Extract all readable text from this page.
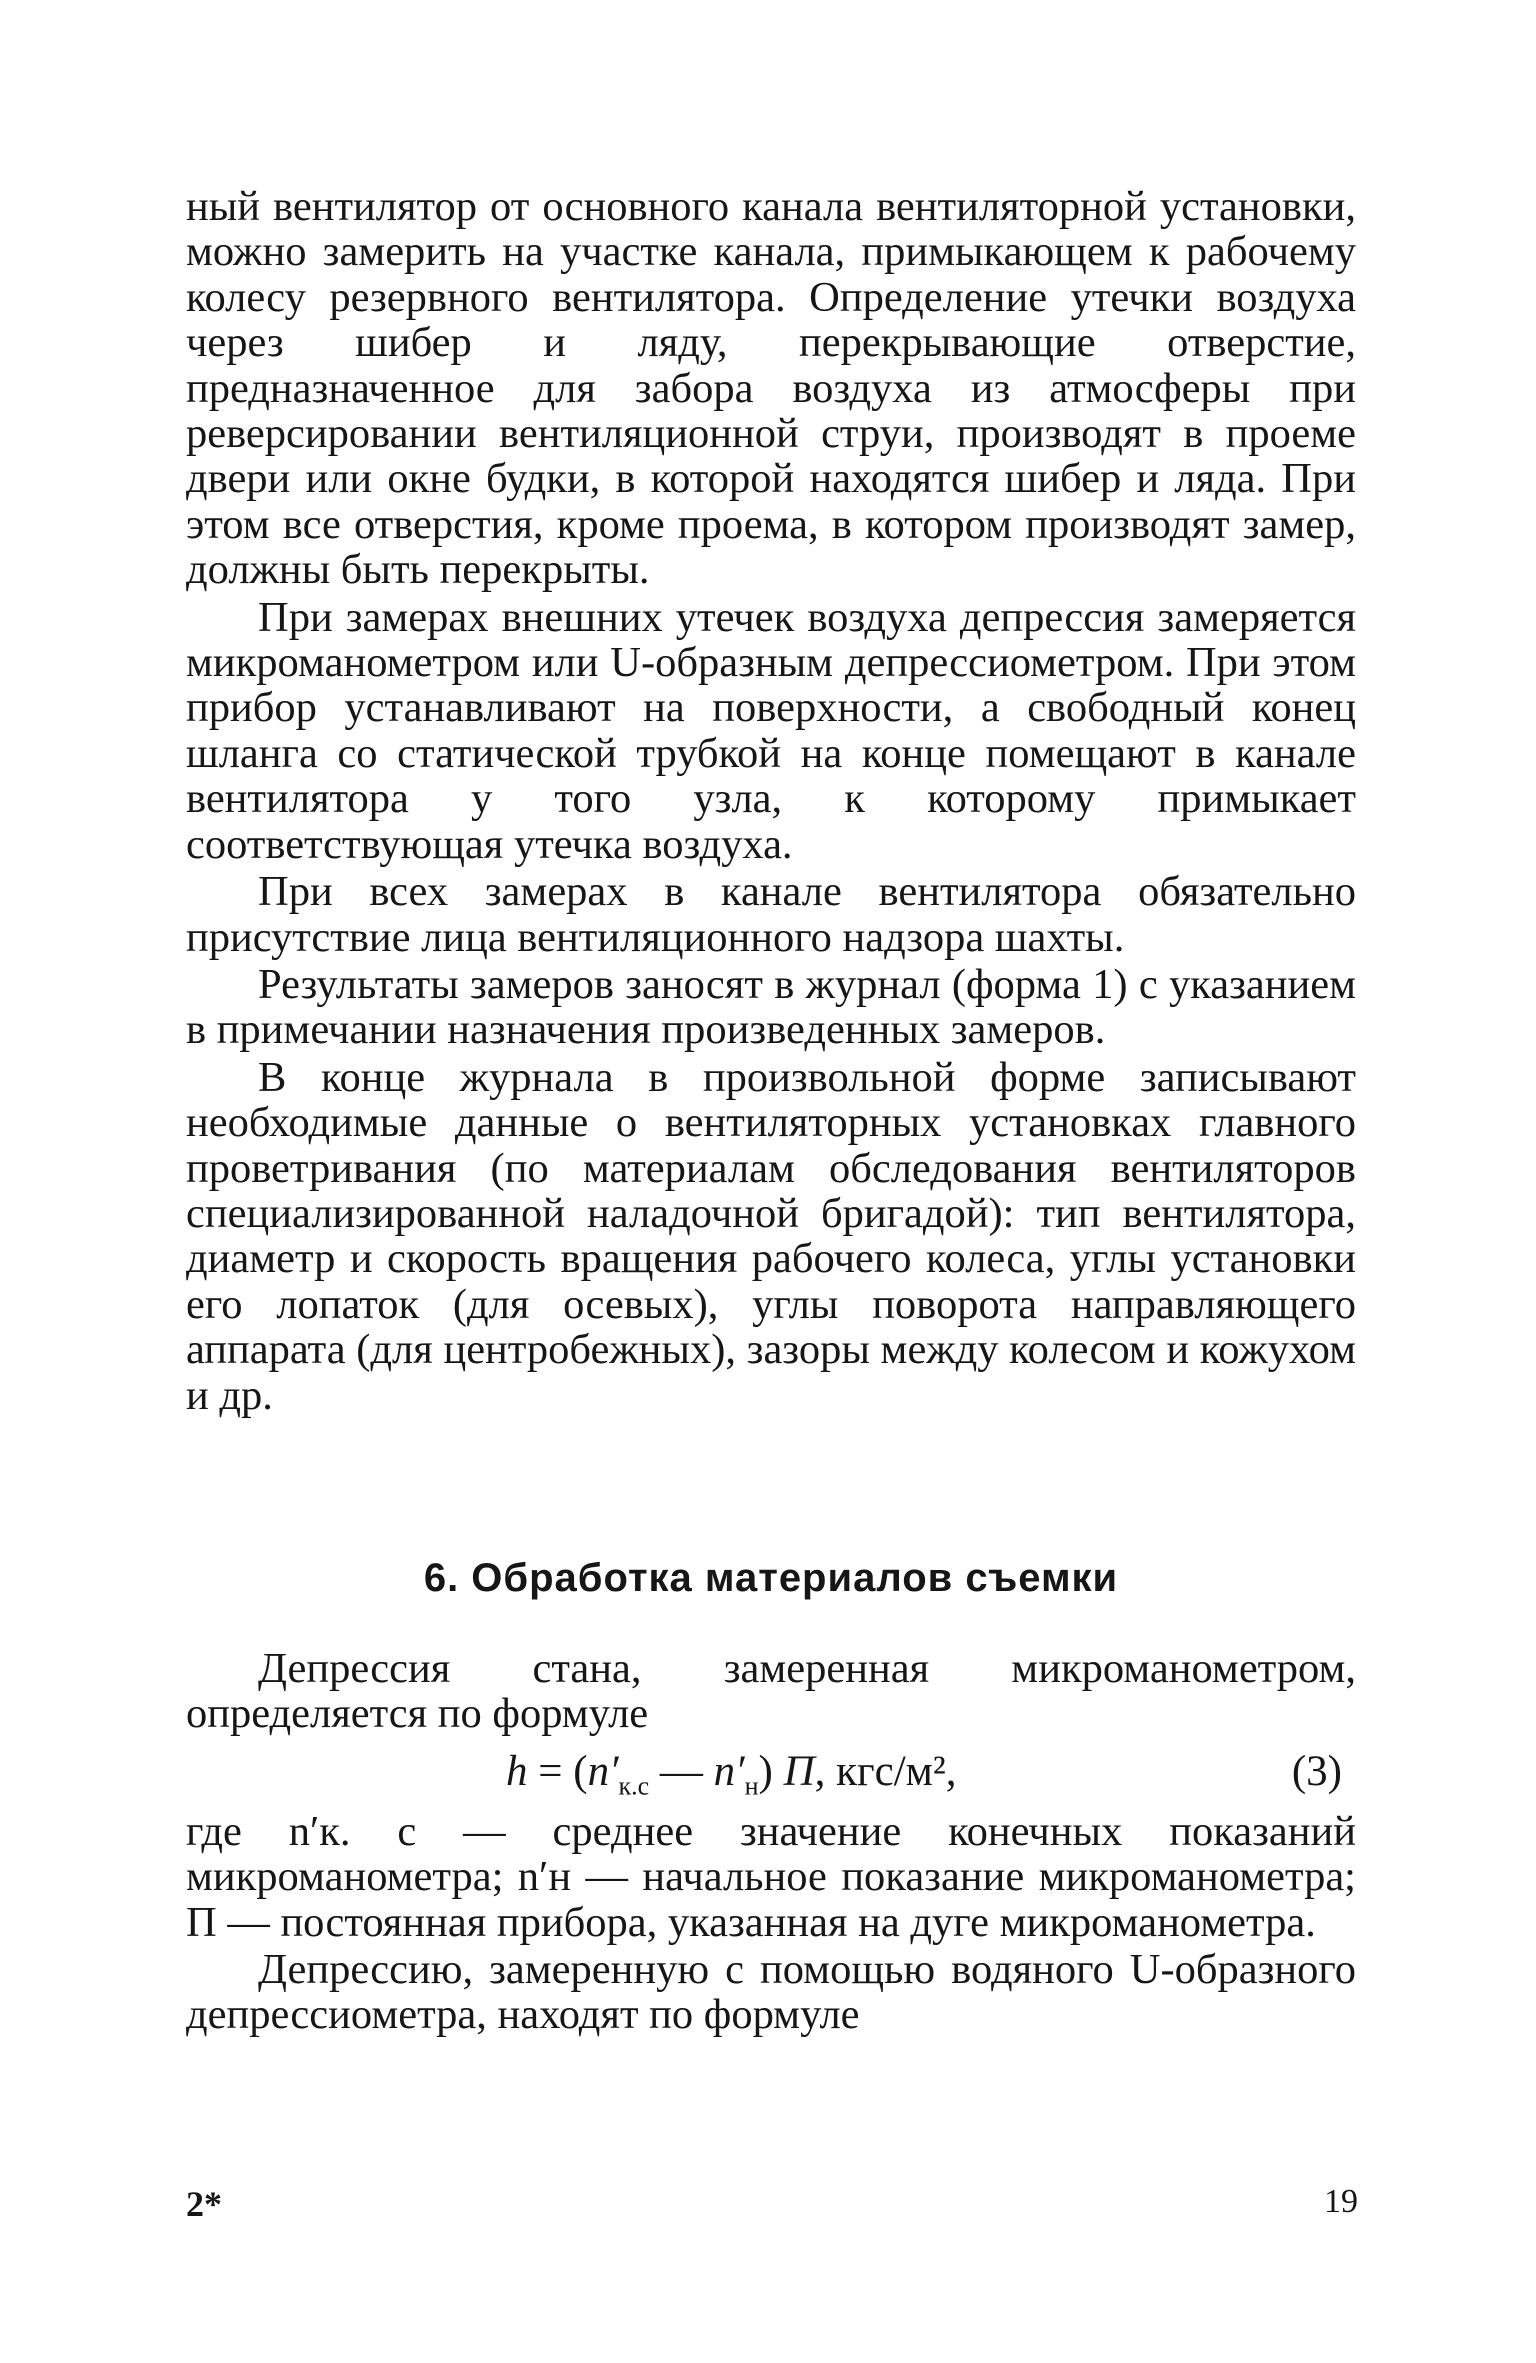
ный вентилятор от основного канала вентиляторной установки, можно замерить на участке канала, примыкающем к рабочему колесу резервного вентилятора. Определение утечки воздуха через шибер и ляду, перекрывающие отверстие, предназначенное для забора воздуха из атмосферы при реверсировании вентиляционной струи, производят в проеме двери или окне будки, в которой находятся шибер и ляда. При этом все отверстия, кроме проема, в котором производят замер, должны быть перекрыты.

При замерах внешних утечек воздуха депрессия замеряется микроманометром или U-образным депрессиометром. При этом прибор устанавливают на поверхности, а свободный конец шланга со статической трубкой на конце помещают в канале вентилятора у того узла, к которому примыкает соответствующая утечка воздуха.

При всех замерах в канале вентилятора обязательно присутствие лица вентиляционного надзора шахты.

Результаты замеров заносят в журнал (форма 1) с указанием в примечании назначения произведенных замеров.

В конце журнала в произвольной форме записывают необходимые данные о вентиляторных установках главного проветривания (по материалам обследования вентиляторов специализированной наладочной бригадой): тип вентилятора, диаметр и скорость вращения рабочего колеса, углы установки его лопаток (для осевых), углы поворота направляющего аппарата (для центробежных), зазоры между колесом и кожухом и др.

6. Обработка материалов съемки

Депрессия стана, замеренная микроманометром, определяется по формуле

$h = (n'_{к.с}$ — $n'_н$) П, кгс/м²,	(3)

где n′к. с — среднее значение конечных показаний микроманометра; n′н — начальное показание микроманометра; П — постоянная прибора, указанная на дуге микроманометра.

Депрессию, замеренную с помощью водяного U-образного депрессиометра, находят по формуле

2*	19
